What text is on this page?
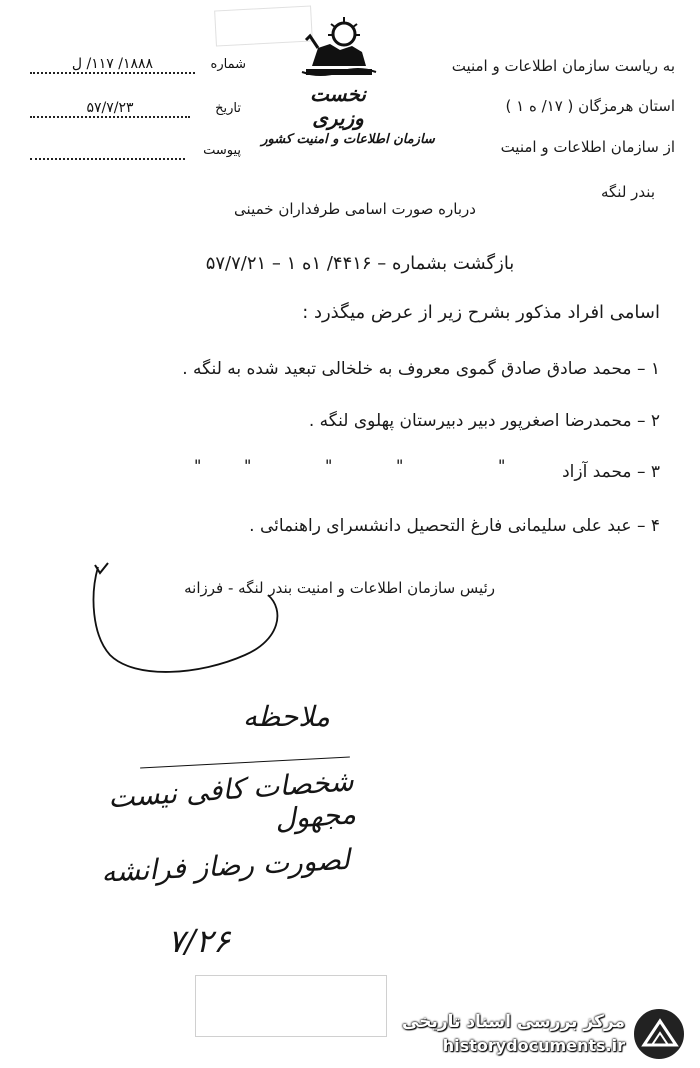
نخست وزیری
سازمان اطلاعات و امنیت کشور
شماره
۱۸۸۸/ ۱۱۷/ ل
تاریخ
۵۷/۷/۲۳
پیوست
به ریاست سازمان اطلاعات و امنیت
استان هرمزگان ( ۱۷/ ه ۱ )
از سازمان اطلاعات و امنیت
بندر لنگه
درباره صورت اسامی طرفداران خمینی
بازگشت بشماره – ۴۴۱۶/ ۱ه ۱ – ۵۷/۷/۲۱
اسامی افراد مذکور بشرح زیر از عرض میگذرد :
۱ – محمد صادق صادق گموی معروف به خلخالی تبعید شده به لنگه .
۲ – محمدرضا اصغرپور دبیر دبیرستان پهلوی لنگه .
۳ – محمد آزاد
"
"
"
"	"
۴ – عبد علی سلیمانی فارغ التحصیل دانشسرای راهنمائی .
رئیس سازمان اطلاعات و امنیت بندر لنگه - فرزانه
ملاحظه
شخصات کافی نیست مجهول
لصورت رضاز فرانشه
۷/۲۶
مرکز بررسی اسناد تاریخی
historydocuments.ir
